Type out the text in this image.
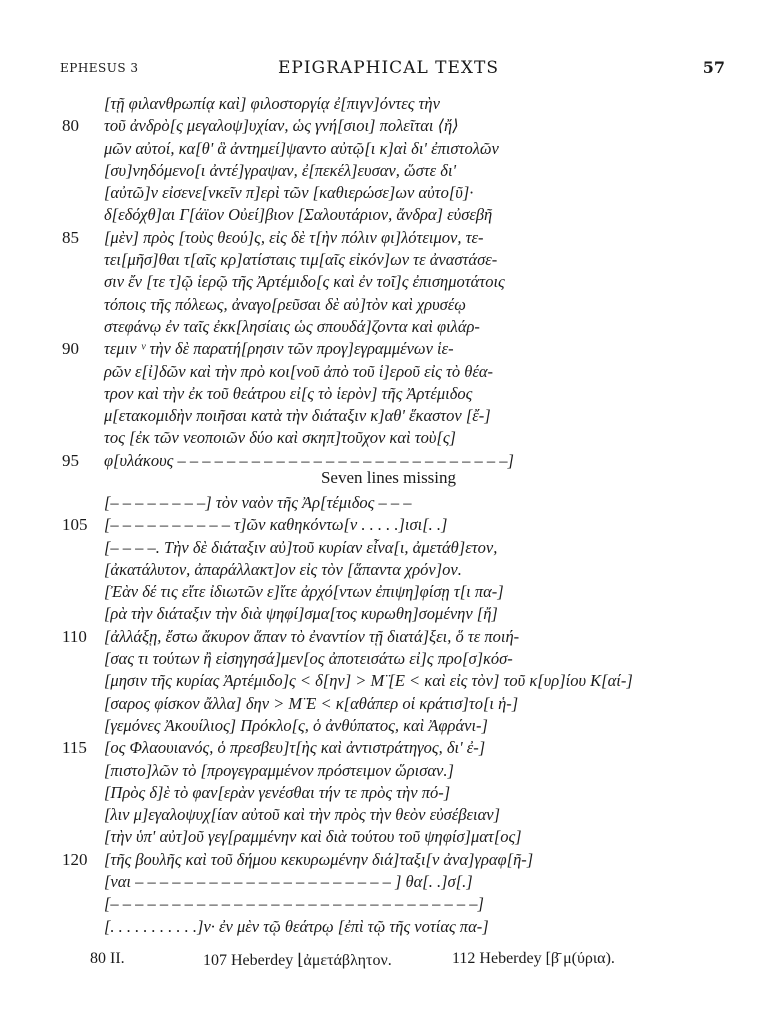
EPHESUS 3	EPIGRAPHICAL TEXTS	57
[τῇ φιλανθρωπίᾳ καὶ] φιλοστοργίᾳ ἐ[πιγν]όντες τὴν
80	τοῦ ἀνδρὸ[ς μεγαλοψ]υχίαν, ὡς γνή[σιοι] πολεῖται ⟨ἤ⟩
μῶν αὐτοί, κα[θ' ἃ ἀντημεί]ψαντο αὐτῷ[ι κ]αὶ δι' ἐπιστολῶν
[συ]νηδόμενο[ι ἀντέ]γραψαν, ἐ[πεκέλ]ευσαν, ὥστε δι'
[αὐτῶ]ν εἰσενε[νκεῖν π]ερὶ τῶν [καθιερώσε]ων αὐτο[ῦ]·
δ[εδόχθ]αι Γ[άϊον Οὐεί]βιον [Σαλουτάριον, ἄνδρα] εὐσεβῆ
85	[μὲν] πρὸς [τοὺς θεού]ς, εἰς δὲ τ[ὴν πόλιν φι]λότειμον, τε-
τει[μῆσ]θαι τ[αῖς κρ]ατίσταις τιμ[αῖς εἰκόν]ων τε ἀναστάσε-
σιν ἔν [τε τ]ῷ ἱερῷ τῆς Ἀρτέμιδο[ς καὶ ἐν τοῖ]ς ἐπισημοτάτοις
τόποις τῆς πόλεως, ἀναγο[ρεῦσαι δὲ αὐ]τὸν καὶ χρυσέῳ
στεφάνῳ ἐν ταῖς ἐκκ[λησίαις ὡς σπουδά]ζοντα καὶ φιλάρ-
90	τεμιν ᵛ τὴν δὲ παρατή[ρησιν τῶν προγ]εγραμμένων ἱε-
ρῶν ε[ἰ]δῶν καὶ τὴν πρὸ κοι[νοῦ ἀπὸ τοῦ ἱ]εροῦ εἰς τὸ θέα-
τρον καὶ τὴν ἐκ τοῦ θεάτρου εἰ[ς τὸ ἱερὸν] τῆς Ἀρτέμιδος
μ[ετακομιδὴν ποιῆσαι κατὰ τὴν διάταξιν κ]αθ' ἕκαστον [ἔ-]
τος [ἐκ τῶν νεοποιῶν δύο καὶ σκηπ]τοῦχον καὶ τοὺ[ς]
95	φ[υλάκους – – – – – – – – – – – – – – – – – – – – – – – – – – –]
Seven lines missing
[– – – – – – – –] τὸν ναὸν τῆς Ἀρ[τέμιδος – – –
105	[– – – – – – – – – – τ]ῶν καθηκόντω[ν . . . . .]ισι[. .]
[– – – –. Τὴν δὲ διάταξιν αὐ]τοῦ κυρίαν εἶνα[ι, ἀμετάθ]ετον,
[ἀκατάλυτον, ἀπαράλλακτ]ον εἰς τὸν [ἅπαντα χρόν]ον.
[Ἐὰν δέ τις εἴτε ἰδιωτῶν ε]ἴτε ἀρχό[ντων ἐπιψη]φίσῃ τ[ι πα-]
[ρὰ τὴν διάταξιν τὴν διὰ ψηφί]σμα[τος κυρωθη]σομένην [ἤ]
110	[ἀλλάξῃ, ἔστω ἄκυρον ἅπαν τὸ ἐναντίον τῇ διατά]ξει, ὅ τε ποιή-
[σας τι τούτων ἢ εἰσηγησά]μεν[ος ἀποτεισάτω εἰ]ς προ[σ]κόσ-
[μησιν τῆς κυρίας Ἀρτέμιδο]ς < δ[ην] > Μ̈ [Ε < καὶ εἰς τὸν] τοῦ κ[υρ]ίου Κ[αί-]
[σαρος φίσκον ἄλλα] δην > Μ̈ Ε < κ[αθάπερ οἱ κράτισ]το[ι ἡ-]
[γεμόνες Ἀκουίλιος] Πρόκλο[ς, ὁ ἀνθύπατος, καὶ Ἀφράνι-]
115	[ος Φλαουιανός, ὁ πρεσβευ]τ[ὴς καὶ ἀντιστράτηγος, δι' ἐ-]
[πιστο]λῶν τὸ [προγεγραμμένον πρόστειμον ὥρισαν.]
[Πρὸς δ]ὲ τὸ φαν[ερὰν γενέσθαι τήν τε πρὸς τὴν πό-]
[λιν μ]εγαλοψυχ[ίαν αὐτοῦ καὶ τὴν πρὸς τὴν θεὸν εὐσέβειαν]
[τὴν ὑπ' αὐτ]οῦ γεγ[ραμμένην καὶ διὰ τούτου τοῦ ψηφίσ]ματ[ος]
120	[τῆς βουλῆς καὶ τοῦ δήμου κεκυρωμένην διά]ταξι[ν ἀνα]γραφ[ῆ-]
[ναι – – – – – – – – – – – – – – – – – – – – – ] θα[. .]σ[.]
[– – – – – – – – – – – – – – – – – – – – – – – – – – – – – –]
[. . . . . . . . . . .]ν· ἐν μὲν τῷ θεάτρῳ [ἐπὶ τῷ τῆς νοτίας πα-]
80 II.	107 Heberdey ⌊ἀμετάβλητον.	112 Heberdey [β̄ μ(ύρια).
